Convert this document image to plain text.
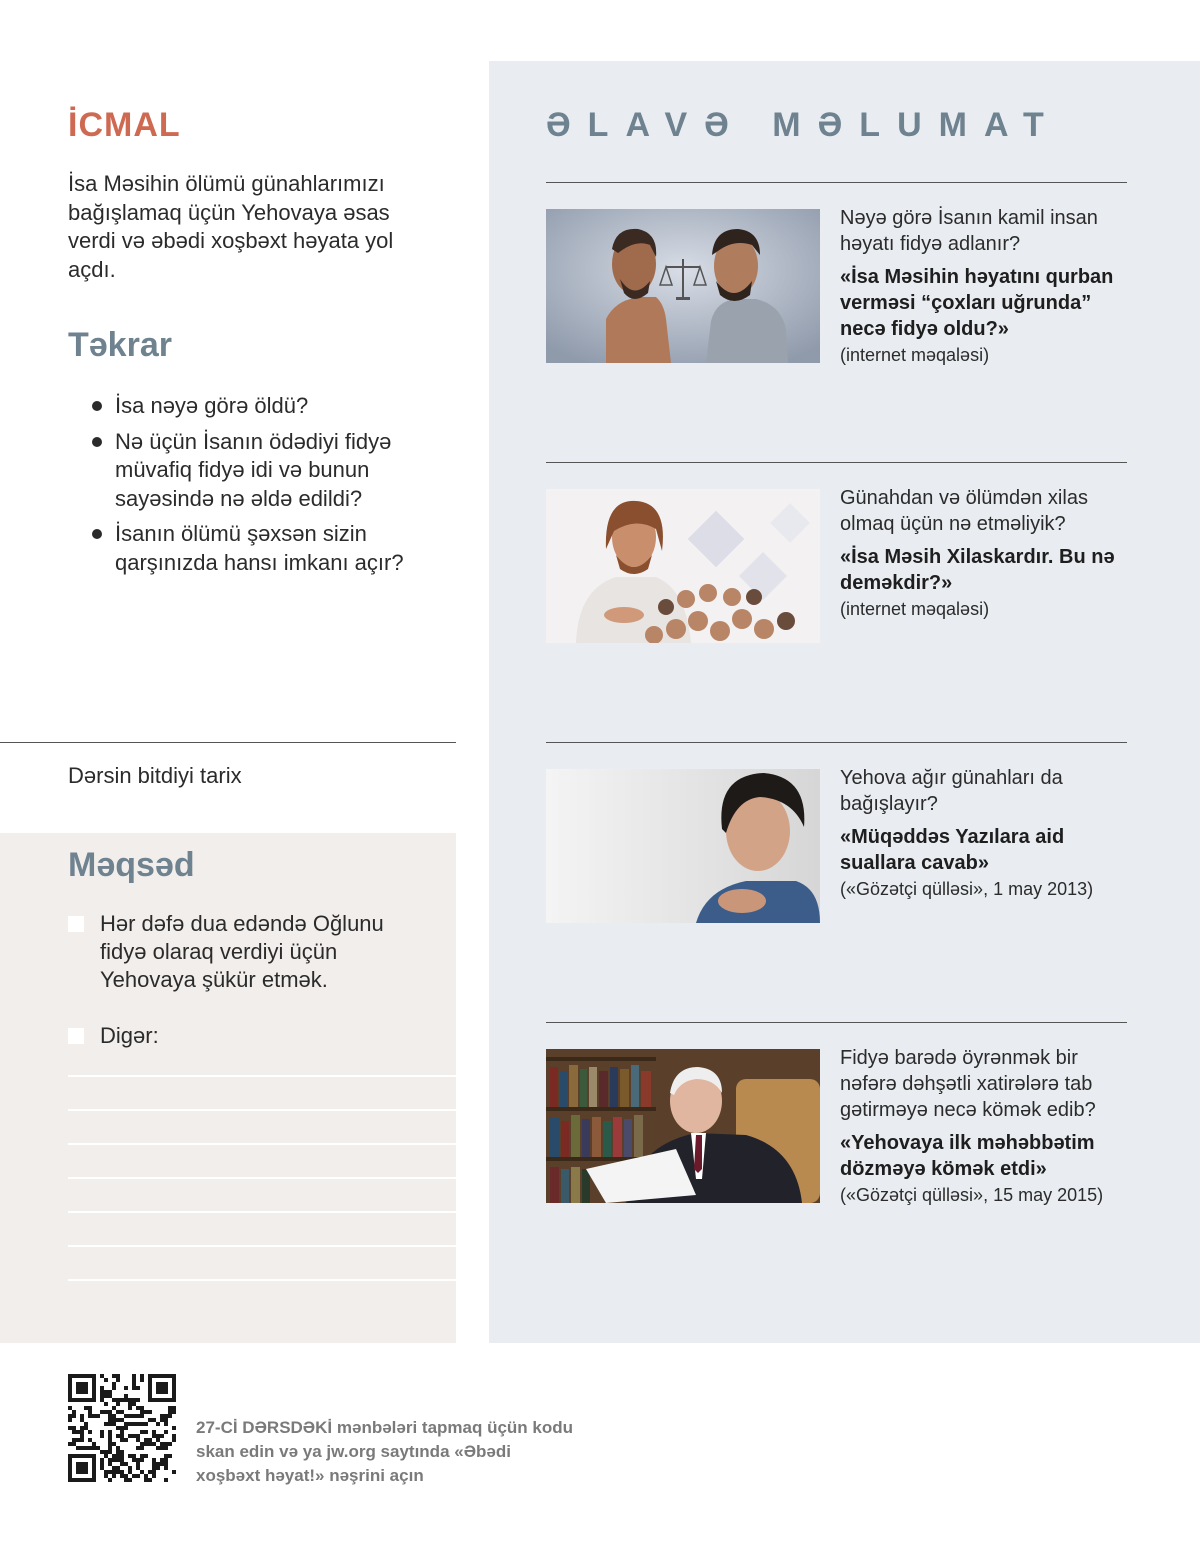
İCMAL
İsa Məsihin ölümü günahlarımızı bağışlamaq üçün Yehovaya əsas verdi və əbədi xoşbəxt həyata yol açdı.
Təkrar
İsa nəyə görə öldü?
Nə üçün İsanın ödədiyi fidyə müvafiq fidyə idi və bunun sayəsində nə əldə edildi?
İsanın ölümü şəxsən sizin qarşınızda hansı imkanı açır?
Dərsin bitdiyi tarix
Məqsəd
Hər dəfə dua edəndə Oğlunu fidyə olaraq verdiyi üçün Yehovaya şükür etmək.
Digər:
ƏLAVƏ MƏLUMAT
Nəyə görə İsanın kamil insan həyatı fidyə adlanır?
«İsa Məsihin həyatını qurban verməsi “çoxları uğrunda” necə fidyə oldu?»
(internet məqaləsi)
Günahdan və ölümdən xilas olmaq üçün nə etməliyik?
«İsa Məsih Xilaskardır. Bu nə deməkdir?»
(internet məqaləsi)
Yehova ağır günahları da bağışlayır?
«Müqəddəs Yazılara aid suallara cavab»
(«Gözətçi qülləsi», 1 may 2013)
Fidyə barədə öyrənmək bir nəfərə dəhşətli xatirələrə tab gətirməyə necə kömək edib?
«Yehovaya ilk məhəbbətim dözməyə kömək etdi»
(«Gözətçi qülləsi», 15 may 2015)
27-Cİ DƏRSDƏKİ mənbələri tapmaq üçün kodu skan edin və ya jw.org saytında «Əbədi xoşbəxt həyat!» nəşrini açın
